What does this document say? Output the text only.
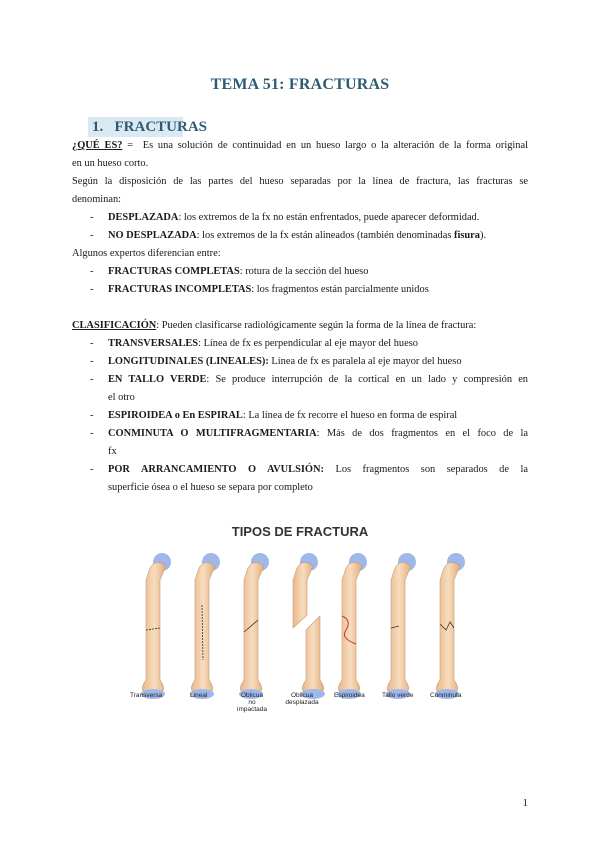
TEMA 51: FRACTURAS
1. FRACTURAS
¿QUÉ ES? = Es una solución de continuidad en un hueso largo o la alteración de la forma original
en un hueso corto.
Según la disposición de las partes del hueso separadas por la línea de fractura, las fracturas se
denominan:
- DESPLAZADA: los extremos de la fx no están enfrentados, puede aparecer deformidad.
- NO DESPLAZADA: los extremos de la fx están alineados (también denominadas fisura).
Algunos expertos diferencian entre:
- FRACTURAS COMPLETAS: rotura de la sección del hueso
- FRACTURAS INCOMPLETAS: los fragmentos están parcialmente unidos
CLASIFICACIÓN: Pueden clasificarse radiológicamente según la forma de la línea de fractura:
- TRANSVERSALES: Línea de fx es perpendicular al eje mayor del hueso
- LONGITUDINALES (LINEALES): Línea de fx es paralela al eje mayor del hueso
- EN TALLO VERDE: Se produce interrupción de la cortical en un lado y compresión en
el otro
- ESPIROIDEA o En ESPIRAL: La línea de fx recorre el hueso en forma de espiral
- CONMINUTA O MULTIFRAGMENTARIA: Más de dos fragmentos en el foco de la
fx
- POR ARRANCAMIENTO O AVULSIÓN: Los fragmentos son separados de la
superficie ósea o el hueso se separa por completo
TIPOS DE FRACTURA
Transversa	Lineal	Oblicua
no impactada
Oblicua
desplazada
Espiroidea	Tallo verde	Conminuta
1
